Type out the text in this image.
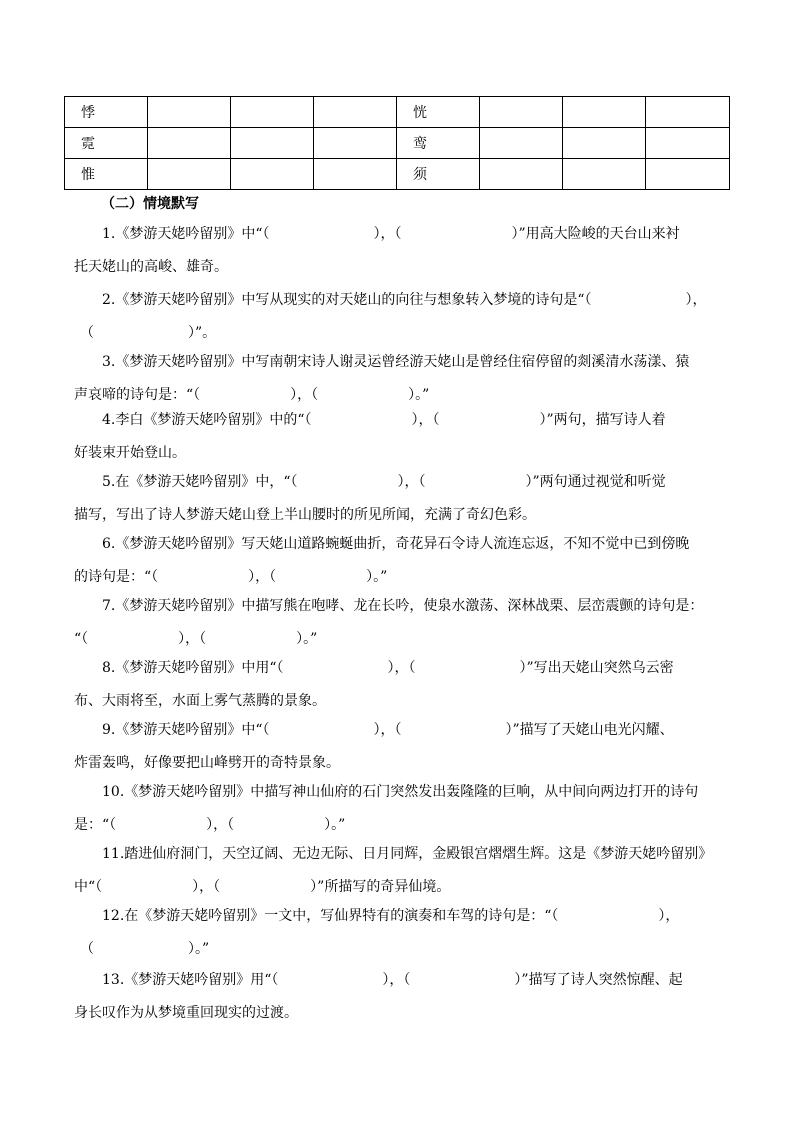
悸				恍			
霓				鸾			
惟				须			
（二）情境默写
1.《梦游天姥吟留别》中“（	），（	）”用高大险峻的天台山来衬
托天姥山的高峻、雄奇。
2.《梦游天姥吟留别》中写从现实的对天姥山的向往与想象转入梦境的诗句是“（	），
（	）”。
3.《梦游天姥吟留别》中写南朝宋诗人谢灵运曾经游天姥山是曾经住宿停留的剡溪清水荡漾、猿
声哀啼的诗句是：“（	），（	）。”
4.李白《梦游天姥吟留别》中的“（	），（	）”两句，描写诗人着
好装束开始登山。
5.在《梦游天姥吟留别》中，“（	），（	）”两句通过视觉和听觉
描写，写出了诗人梦游天姥山登上半山腰时的所见所闻，充满了奇幻色彩。
6.《梦游天姥吟留别》写天姥山道路蜿蜒曲折，奇花异石令诗人流连忘返，不知不觉中已到傍晚
的诗句是：“（	），（	）。”
7.《梦游天姥吟留别》中描写熊在咆哮、龙在长吟，使泉水激荡、深林战栗、层峦震颤的诗句是：
“（	），（	）。”
8.《梦游天姥吟留别》中用“（	），（	）”写出天姥山突然乌云密
布、大雨将至，水面上雾气蒸腾的景象。
9.《梦游天姥吟留别》中“（	），（	）”描写了天姥山电光闪耀、
炸雷轰鸣，好像要把山峰劈开的奇特景象。
10.《梦游天姥吟留别》中描写神山仙府的石门突然发出轰隆隆的巨响，从中间向两边打开的诗句
是：“（	），（	）。”
11.踏进仙府洞门，天空辽阔、无边无际、日月同辉，金殿银宫熠熠生辉。这是《梦游天姥吟留别》
中“（	），（	）”所描写的奇异仙境。
12.在《梦游天姥吟留别》一文中，写仙界特有的演奏和车驾的诗句是：“（	），
（	）。”
13.《梦游天姥吟留别》用“（	），（	）”描写了诗人突然惊醒、起
身长叹作为从梦境重回现实的过渡。
